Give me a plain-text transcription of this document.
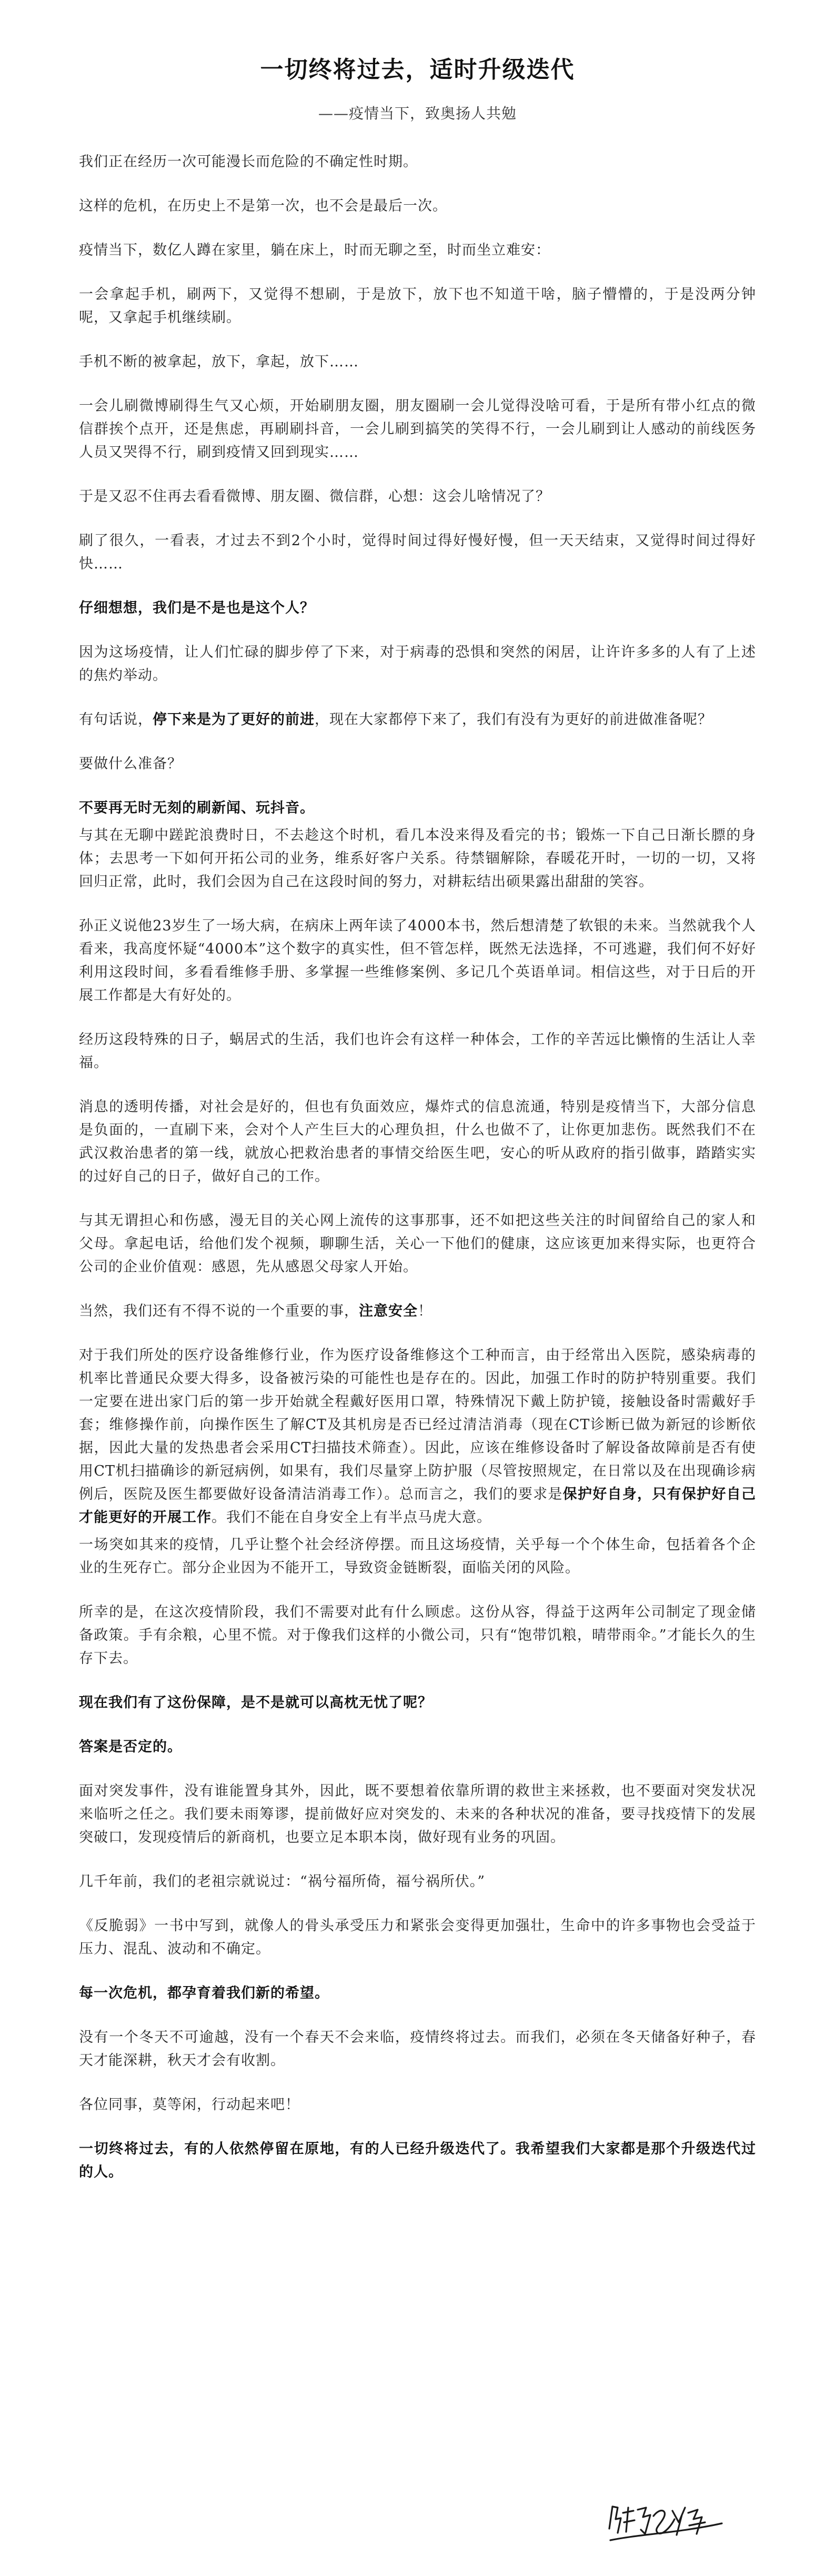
一切终将过去，适时升级迭代
——疫情当下，致奥扬人共勉
我们正在经历一次可能漫长而危险的不确定性时期。
这样的危机，在历史上不是第一次，也不会是最后一次。
疫情当下，数亿人蹲在家里，躺在床上，时而无聊之至，时而坐立难安：
一会拿起手机，刷两下，又觉得不想刷，于是放下，放下也不知道干啥，脑子懵懵的，于是没两分钟呢，又拿起手机继续刷。
手机不断的被拿起，放下，拿起，放下……
一会儿刷微博刷得生气又心烦，开始刷朋友圈，朋友圈刷一会儿觉得没啥可看，于是所有带小红点的微信群挨个点开，还是焦虑，再刷刷抖音，一会儿刷到搞笑的笑得不行，一会儿刷到让人感动的前线医务人员又哭得不行，刷到疫情又回到现实……
于是又忍不住再去看看微博、朋友圈、微信群，心想：这会儿啥情况了？
刷了很久，一看表，才过去不到2个小时，觉得时间过得好慢好慢，但一天天结束，又觉得时间过得好快……
仔细想想，我们是不是也是这个人？
因为这场疫情，让人们忙碌的脚步停了下来，对于病毒的恐惧和突然的闲居，让许许多多的人有了上述的焦灼举动。
有句话说，停下来是为了更好的前进，现在大家都停下来了，我们有没有为更好的前进做准备呢？
要做什么准备？
不要再无时无刻的刷新闻、玩抖音。
与其在无聊中蹉跎浪费时日，不去趁这个时机，看几本没来得及看完的书；锻炼一下自己日渐长膘的身体；去思考一下如何开拓公司的业务，维系好客户关系。待禁锢解除，春暖花开时，一切的一切，又将回归正常，此时，我们会因为自己在这段时间的努力，对耕耘结出硕果露出甜甜的笑容。
孙正义说他23岁生了一场大病，在病床上两年读了4000本书，然后想清楚了软银的未来。当然就我个人看来，我高度怀疑“4000本”这个数字的真实性，但不管怎样，既然无法选择，不可逃避，我们何不好好利用这段时间，多看看维修手册、多掌握一些维修案例、多记几个英语单词。相信这些，对于日后的开展工作都是大有好处的。
经历这段特殊的日子，蜗居式的生活，我们也许会有这样一种体会，工作的辛苦远比懒惰的生活让人幸福。
消息的透明传播，对社会是好的，但也有负面效应，爆炸式的信息流通，特别是疫情当下，大部分信息是负面的，一直刷下来，会对个人产生巨大的心理负担，什么也做不了，让你更加悲伤。既然我们不在武汉救治患者的第一线，就放心把救治患者的事情交给医生吧，安心的听从政府的指引做事，踏踏实实的过好自己的日子，做好自己的工作。
与其无谓担心和伤感，漫无目的关心网上流传的这事那事，还不如把这些关注的时间留给自己的家人和父母。拿起电话，给他们发个视频，聊聊生活，关心一下他们的健康，这应该更加来得实际，也更符合公司的企业价值观：感恩，先从感恩父母家人开始。
当然，我们还有不得不说的一个重要的事，注意安全！
对于我们所处的医疗设备维修行业，作为医疗设备维修这个工种而言，由于经常出入医院，感染病毒的机率比普通民众要大得多，设备被污染的可能性也是存在的。因此，加强工作时的防护特别重要。我们一定要在进出家门后的第一步开始就全程戴好医用口罩，特殊情况下戴上防护镜，接触设备时需戴好手套；维修操作前，向操作医生了解CT及其机房是否已经过清洁消毒（现在CT诊断已做为新冠的诊断依据，因此大量的发热患者会采用CT扫描技术筛查）。因此，应该在维修设备时了解设备故障前是否有使用CT机扫描确诊的新冠病例，如果有，我们尽量穿上防护服（尽管按照规定，在日常以及在出现确诊病例后，医院及医生都要做好设备清洁消毒工作）。总而言之，我们的要求是保护好自身，只有保护好自己才能更好的开展工作。我们不能在自身安全上有半点马虎大意。
一场突如其来的疫情，几乎让整个社会经济停摆。而且这场疫情，关乎每一个个体生命，包括着各个企业的生死存亡。部分企业因为不能开工，导致资金链断裂，面临关闭的风险。
所幸的是，在这次疫情阶段，我们不需要对此有什么顾虑。这份从容，得益于这两年公司制定了现金储备政策。手有余粮，心里不慌。对于像我们这样的小微公司，只有“饱带饥粮，晴带雨伞。”才能长久的生存下去。
现在我们有了这份保障，是不是就可以高枕无忧了呢？
答案是否定的。
面对突发事件，没有谁能置身其外，因此，既不要想着依靠所谓的救世主来拯救，也不要面对突发状况来临听之任之。我们要未雨筹谬，提前做好应对突发的、未来的各种状况的准备，要寻找疫情下的发展突破口，发现疫情后的新商机，也要立足本职本岗，做好现有业务的巩固。
几千年前，我们的老祖宗就说过：“祸兮福所倚，福兮祸所伏。”
《反脆弱》一书中写到，就像人的骨头承受压力和紧张会变得更加强壮，生命中的许多事物也会受益于压力、混乱、波动和不确定。
每一次危机，都孕育着我们新的希望。
没有一个冬天不可逾越，没有一个春天不会来临，疫情终将过去。而我们，必须在冬天储备好种子，春天才能深耕，秋天才会有收割。
各位同事，莫等闲，行动起来吧！
一切终将过去，有的人依然停留在原地，有的人已经升级迭代了。我希望我们大家都是那个升级迭代过的人。
